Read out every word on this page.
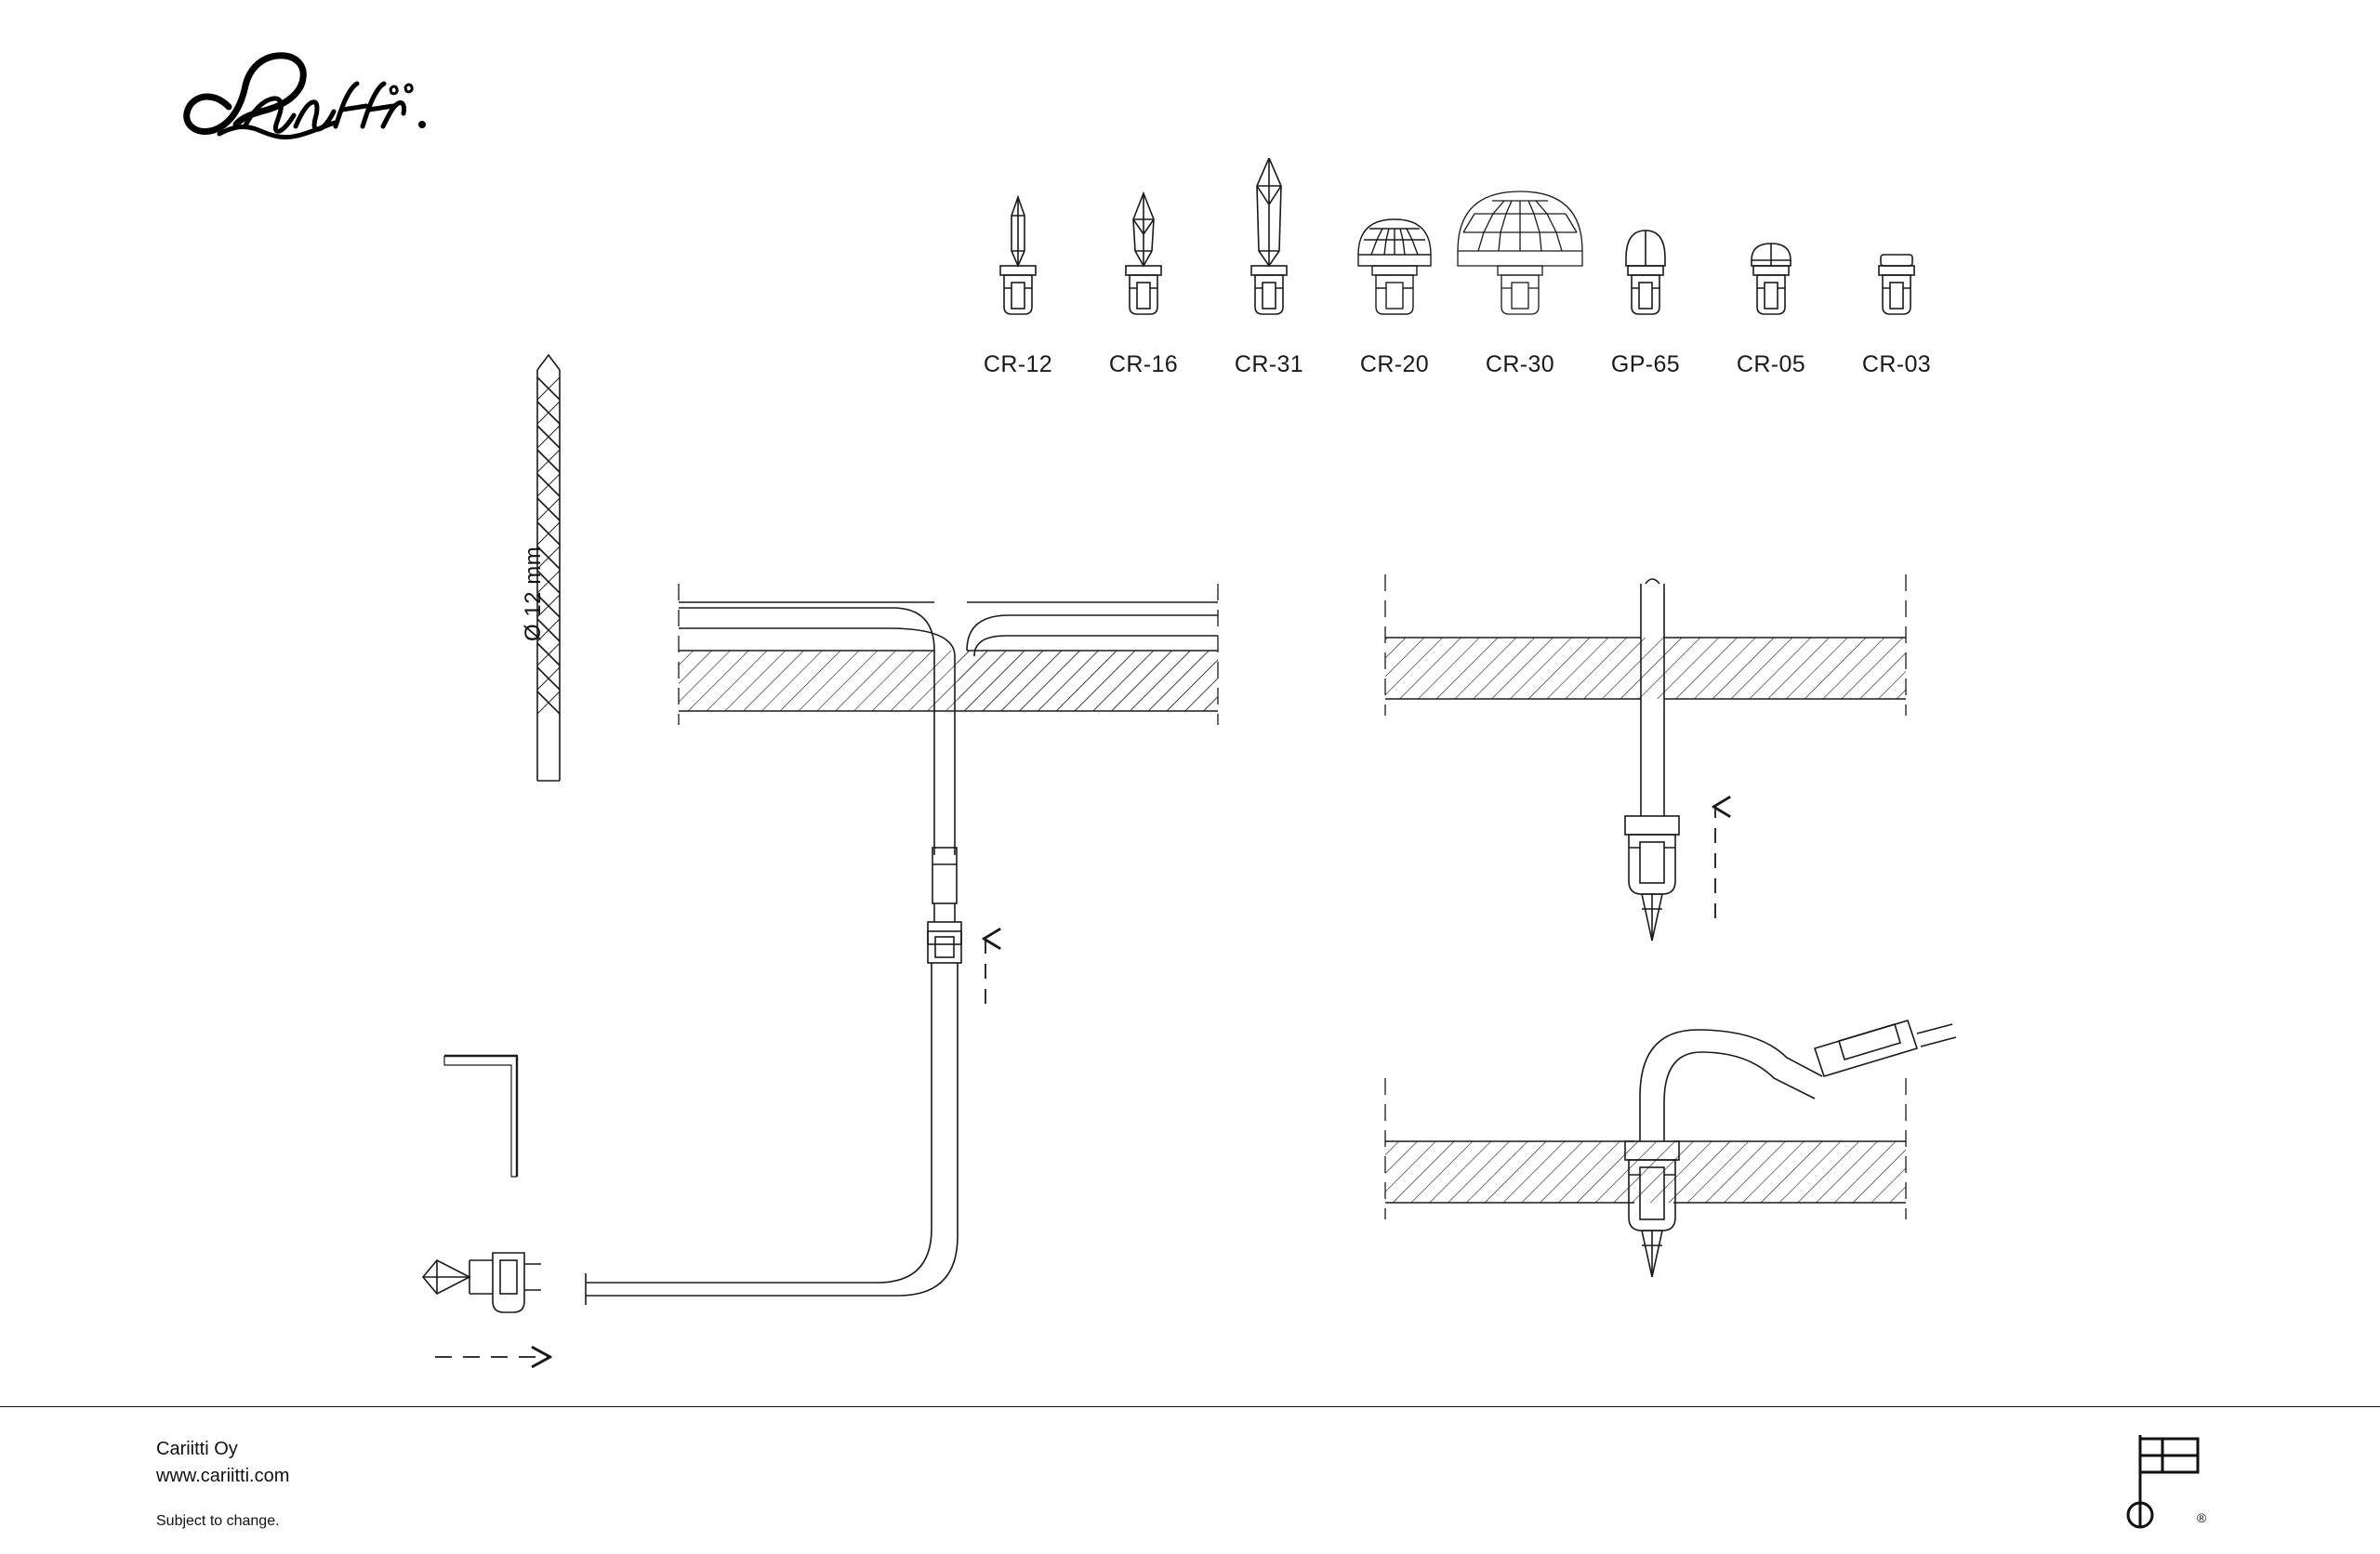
CR-12	CR-16	CR-31	CR-20	CR-30	GP-65	CR-05	CR-03
Ø 12 mm
Cariitti Oy
www.cariitti.com
Subject to change.	®
